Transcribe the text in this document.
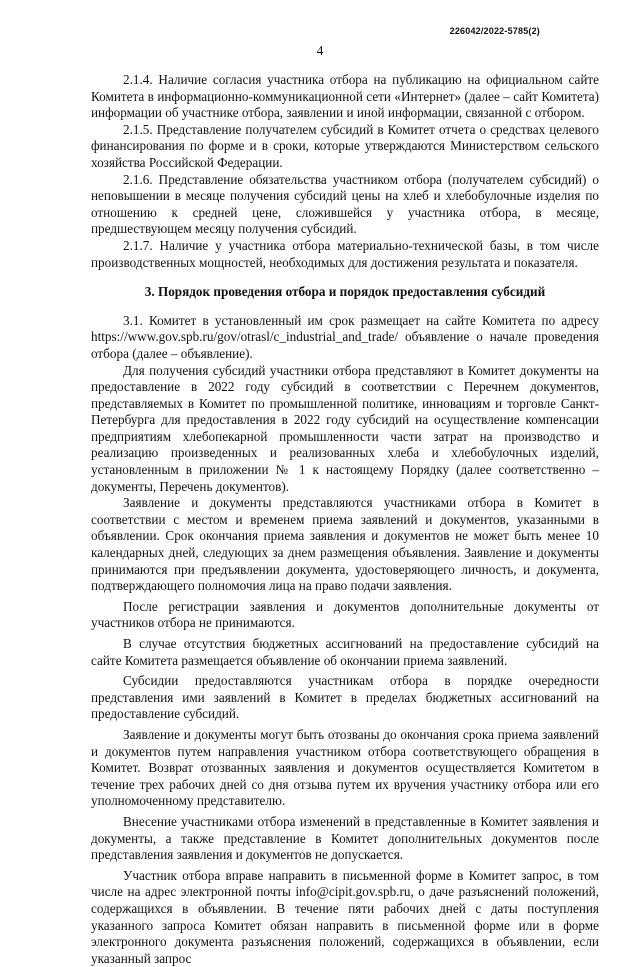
226042/2022-5785(2)
4

2.1.4. Наличие согласия участника отбора на публикацию на официальном сайте Комитета в информационно-коммуникационной сети «Интернет» (далее – сайт Комитета) информации об участнике отбора, заявлении и иной информации, связанной с отбором.

2.1.5. Представление получателем субсидий в Комитет отчета о средствах целевого финансирования по форме и в сроки, которые утверждаются Министерством сельского хозяйства Российской Федерации.

2.1.6. Представление обязательства участником отбора (получателем субсидий) о неповышении в месяце получения субсидий цены на хлеб и хлебобулочные изделия по отношению к средней цене, сложившейся у участника отбора, в месяце, предшествующем месяцу получения субсидий.

2.1.7. Наличие у участника отбора материально-технической базы, в том числе производственных мощностей, необходимых для достижения результата и показателя.

3. Порядок проведения отбора и порядок предоставления субсидий

3.1. Комитет в установленный им срок размещает на сайте Комитета по адресу https://www.gov.spb.ru/gov/otrasl/c_industrial_and_trade/ объявление о начале проведения отбора (далее – объявление).

Для получения субсидий участники отбора представляют в Комитет документы на предоставление в 2022 году субсидий в соответствии с Перечнем документов, представляемых в Комитет по промышленной политике, инновациям и торговле Санкт-Петербурга для предоставления в 2022 году субсидий на осуществление компенсации предприятиям хлебопекарной промышленности части затрат на производство и реализацию произведенных и реализованных хлеба и хлебобулочных изделий, установленным в приложении № 1 к настоящему Порядку (далее соответственно – документы, Перечень документов).

Заявление и документы представляются участниками отбора в Комитет в соответствии с местом и временем приема заявлений и документов, указанными в объявлении. Срок окончания приема заявления и документов не может быть менее 10 календарных дней, следующих за днем размещения объявления. Заявление и документы принимаются при предъявлении документа, удостоверяющего личность, и документа, подтверждающего полномочия лица на право подачи заявления.

После регистрации заявления и документов дополнительные документы от участников отбора не принимаются.

В случае отсутствия бюджетных ассигнований на предоставление субсидий на сайте Комитета размещается объявление об окончании приема заявлений.

Субсидии предоставляются участникам отбора в порядке очередности представления ими заявлений в Комитет в пределах бюджетных ассигнований на предоставление субсидий.

Заявление и документы могут быть отозваны до окончания срока приема заявлений и документов путем направления участником отбора соответствующего обращения в Комитет. Возврат отозванных заявления и документов осуществляется Комитетом в течение трех рабочих дней со дня отзыва путем их вручения участнику отбора или его уполномоченному представителю.

Внесение участниками отбора изменений в представленные в Комитет заявления и документы, а также представление в Комитет дополнительных документов после представления заявления и документов не допускается.

Участник отбора вправе направить в письменной форме в Комитет запрос, в том числе на адрес электронной почты info@cipit.gov.spb.ru, о даче разъяснений положений, содержащихся в объявлении. В течение пяти рабочих дней с даты поступления указанного запроса Комитет обязан направить в письменной форме или в форме электронного документа разъяснения положений, содержащихся в объявлении, если указанный запрос
